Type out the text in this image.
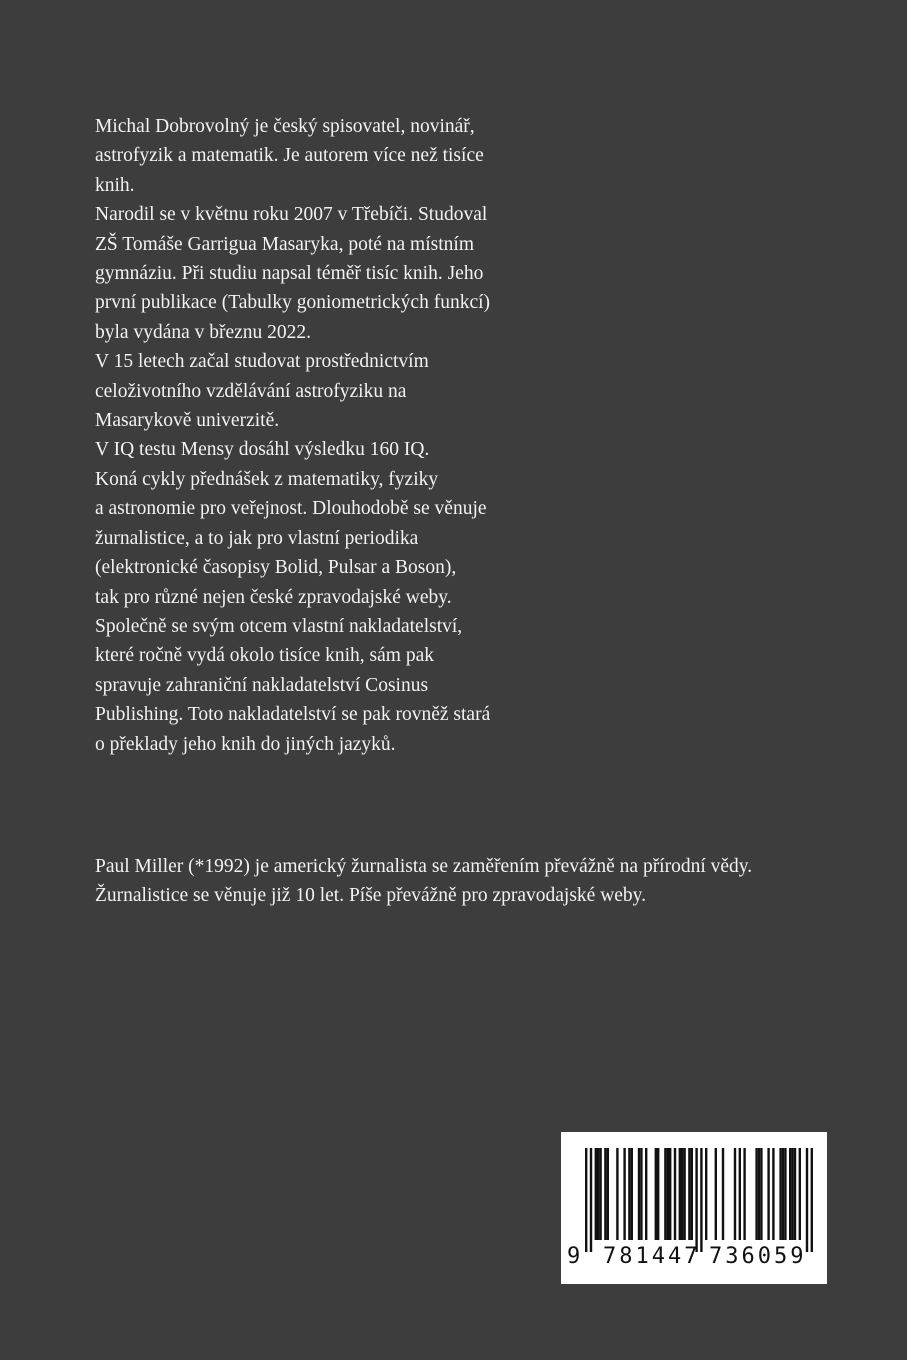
Michal Dobrovolný je český spisovatel, novinář,
astrofyzik a matematik. Je autorem více než tisíce
knih.
Narodil se v květnu roku 2007 v Třebíči. Studoval
ZŠ Tomáše Garrigua Masaryka, poté na místním
gymnáziu. Při studiu napsal téměř tisíc knih. Jeho
první publikace (Tabulky goniometrických funkcí)
byla vydána v březnu 2022.
V 15 letech začal studovat prostřednictvím
celoživotního vzdělávání astrofyziku na
Masarykově univerzitě.
V IQ testu Mensy dosáhl výsledku 160 IQ.
Koná cykly přednášek z matematiky, fyziky
a astronomie pro veřejnost. Dlouhodobě se věnuje
žurnalistice, a to jak pro vlastní periodika
(elektronické časopisy Bolid, Pulsar a Boson),
tak pro různé nejen české zpravodajské weby.
Společně se svým otcem vlastní nakladatelství,
které ročně vydá okolo tisíce knih, sám pak
spravuje zahraniční nakladatelství Cosinus
Publishing. Toto nakladatelství se pak rovněž stará
o překlady jeho knih do jiných jazyků.
Paul Miller (*1992) je americký žurnalista se zaměřením převážně na přírodní vědy.
Žurnalistice se věnuje již 10 let. Píše převážně pro zpravodajské weby.
9 781447 736059
